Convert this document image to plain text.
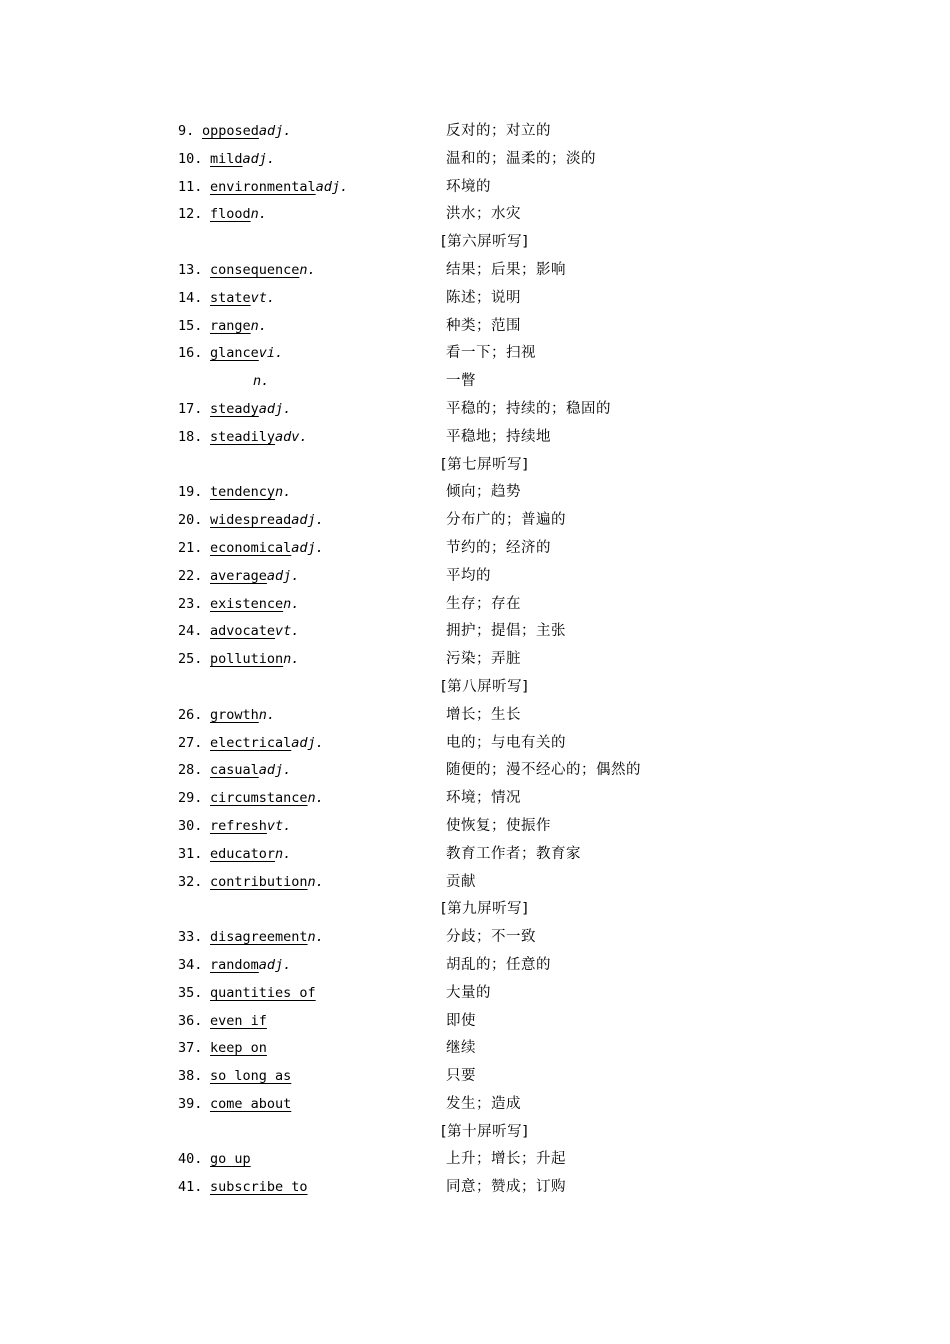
9. opposedadj.	反对的；对立的
10. mildadj.	温和的；温柔的；淡的
11. environmentaladj.	环境的
12. floodn.	洪水；水灾
[第六屏听写]
13. consequencen.	结果；后果；影响
14. statevt.	陈述；说明
15. rangen.	种类；范围
16. glancevi.	看一下；扫视
n.	一瞥
17. steadyadj.	平稳的；持续的；稳固的
18. steadilyadv.	平稳地；持续地
[第七屏听写]
19. tendencyn.	倾向；趋势
20. widespreadadj.	分布广的；普遍的
21. economicaladj.	节约的；经济的
22. averageadj.	平均的
23. existencen.	生存；存在
24. advocatevt.	拥护；提倡；主张
25. pollutionn.	污染；弄脏
[第八屏听写]
26. growthn.	增长；生长
27. electricaladj.	电的；与电有关的
28. casualadj.	随便的；漫不经心的；偶然的
29. circumstancen.	环境；情况
30. refreshvt.	使恢复；使振作
31. educatorn.	教育工作者；教育家
32. contributionn.	贡献
[第九屏听写]
33. disagreementn.	分歧；不一致
34. randomadj.	胡乱的；任意的
35. quantities of	大量的
36. even if	即使
37. keep on	继续
38. so long as	只要
39. come about	发生；造成
[第十屏听写]
40. go up	上升；增长；升起
41. subscribe to	同意；赞成；订购
